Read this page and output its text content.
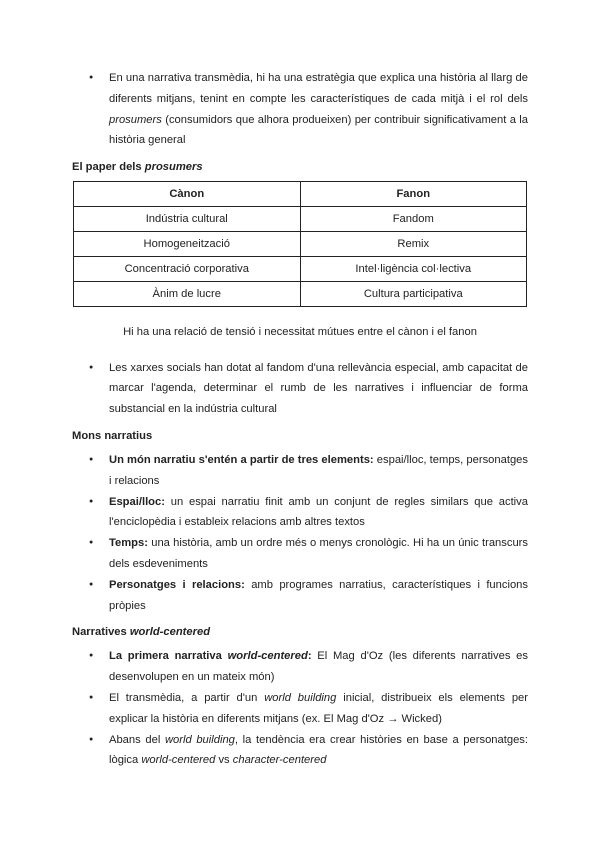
● En una narrativa transmèdia, hi ha una estratègia que explica una història al llarg de diferents mitjans, tenint en compte les característiques de cada mitjà i el rol dels prosumers (consumidors que alhora produeixen) per contribuir significativament a la història general

El paper dels prosumers

Cànon	Fanon
Indústria cultural	Fandom
Homogeneització	Remix
Concentració corporativa	Intel·ligència col·lectiva
Ànim de lucre	Cultura participativa

Hi ha una relació de tensió i necessitat mútues entre el cànon i el fanon

● Les xarxes socials han dotat al fandom d'una rellevància especial, amb capacitat de marcar l'agenda, determinar el rumb de les narratives i influenciar de forma substancial en la indústria cultural

Mons narratius

● Un món narratiu s'entén a partir de tres elements: espai/lloc, temps, personatges i relacions
● Espai/lloc: un espai narratiu finit amb un conjunt de regles similars que activa l'enciclopèdia i estableix relacions amb altres textos
● Temps: una història, amb un ordre més o menys cronològic. Hi ha un únic transcurs dels esdeveniments
● Personatges i relacions: amb programes narratius, característiques i funcions pròpies

Narratives world-centered

● La primera narrativa world-centered: El Mag d'Oz (les diferents narratives es desenvolupen en un mateix món)
● El transmèdia, a partir d'un world building inicial, distribueix els elements per explicar la història en diferents mitjans (ex. El Mag d'Oz → Wicked)
● Abans del world building, la tendència era crear històries en base a personatges: lògica world-centered vs character-centered
